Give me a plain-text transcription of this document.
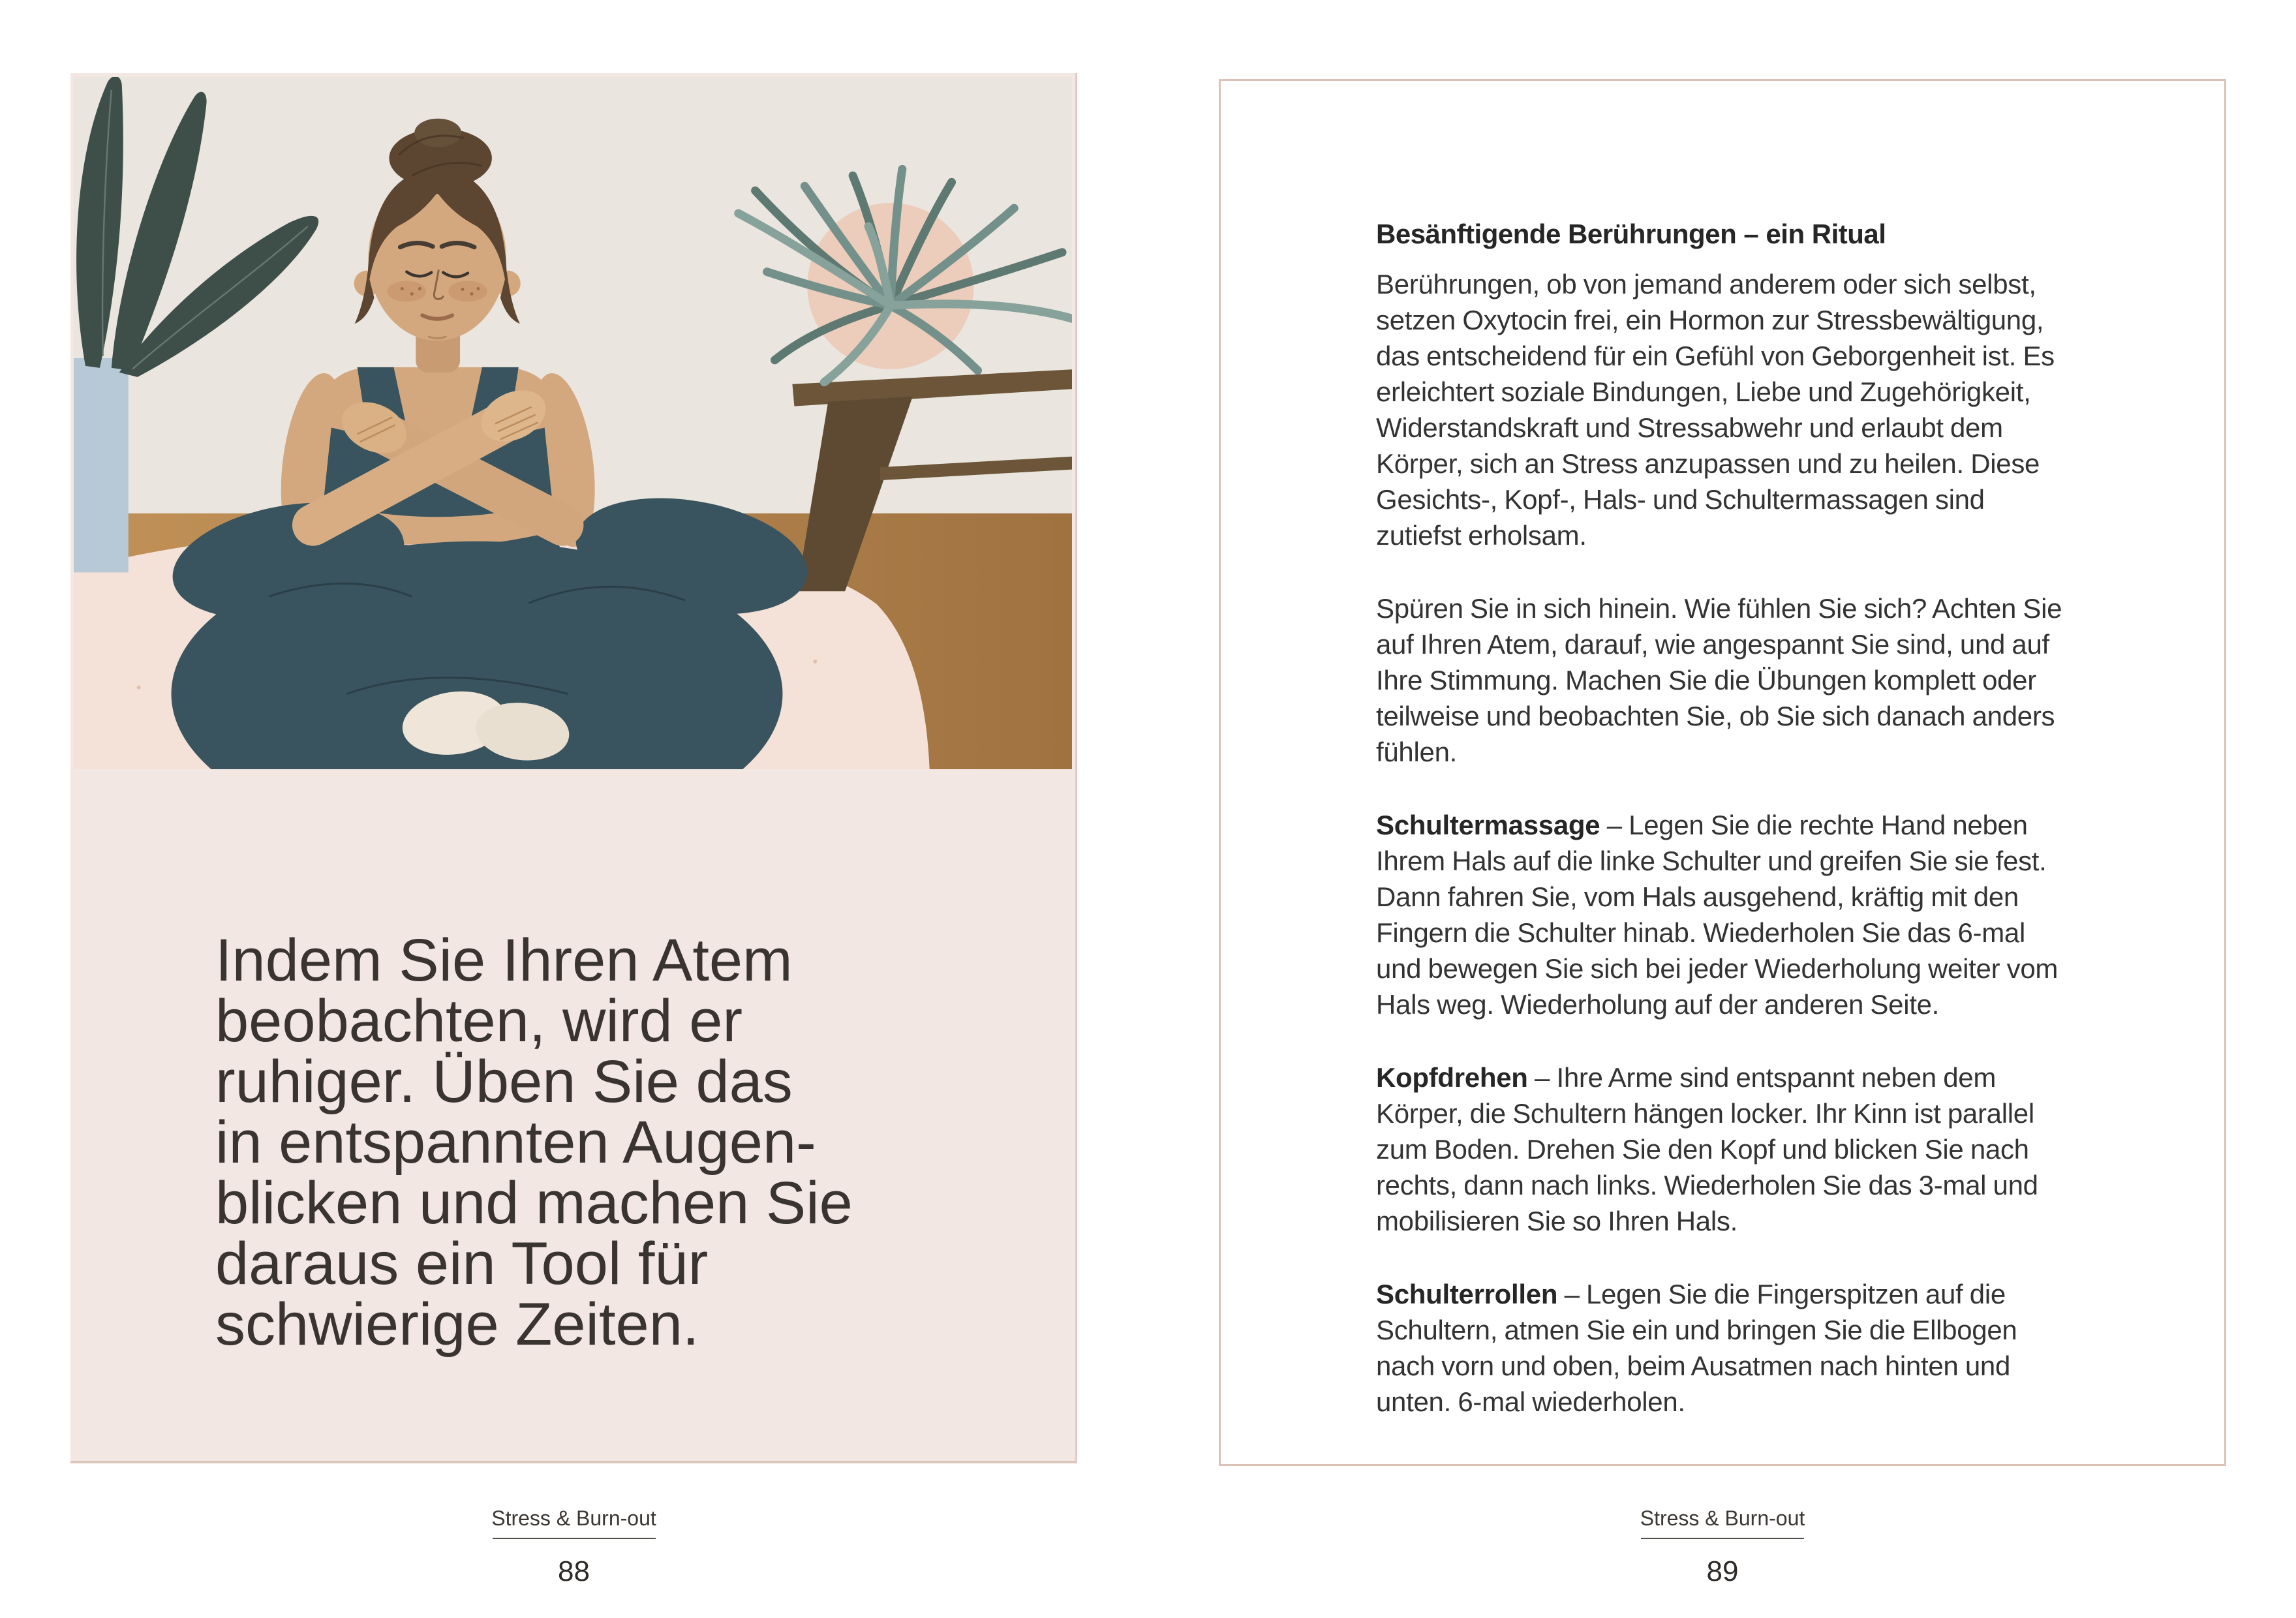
Indem Sie Ihren Atem
beobachten, wird er
ruhiger. Üben Sie das
in entspannten Augen-
blicken und machen Sie
daraus ein Tool für
schwierige Zeiten.
Besänftigende Berührungen – ein Ritual

Berührungen, ob von jemand anderem oder sich selbst, setzen Oxytocin frei, ein Hormon zur Stressbewältigung, das entscheidend für ein Gefühl von Geborgenheit ist. Es erleichtert soziale Bindungen, Liebe und Zugehörigkeit, Widerstandskraft und Stressabwehr und erlaubt dem Körper, sich an Stress anzupassen und zu heilen. Diese Gesichts-, Kopf-, Hals- und Schultermassagen sind zutiefst erholsam.

Spüren Sie in sich hinein. Wie fühlen Sie sich? Achten Sie auf Ihren Atem, darauf, wie angespannt Sie sind, und auf Ihre Stimmung. Machen Sie die Übungen komplett oder teilweise und beobachten Sie, ob Sie sich danach anders fühlen.

Schultermassage – Legen Sie die rechte Hand neben Ihrem Hals auf die linke Schulter und greifen Sie sie fest. Dann fahren Sie, vom Hals ausgehend, kräftig mit den Fingern die Schulter hinab. Wiederholen Sie das 6-mal und bewegen Sie sich bei jeder Wiederholung weiter vom Hals weg. Wiederholung auf der anderen Seite.

Kopfdrehen – Ihre Arme sind entspannt neben dem Körper, die Schultern hängen locker. Ihr Kinn ist parallel zum Boden. Drehen Sie den Kopf und blicken Sie nach rechts, dann nach links. Wiederholen Sie das 3-mal und mobilisieren Sie so Ihren Hals.

Schulterrollen – Legen Sie die Fingerspitzen auf die Schultern, atmen Sie ein und bringen Sie die Ellbogen nach vorn und oben, beim Ausatmen nach hinten und unten. 6-mal wiederholen.

Stress & Burn-out
88
Stress & Burn-out
89
